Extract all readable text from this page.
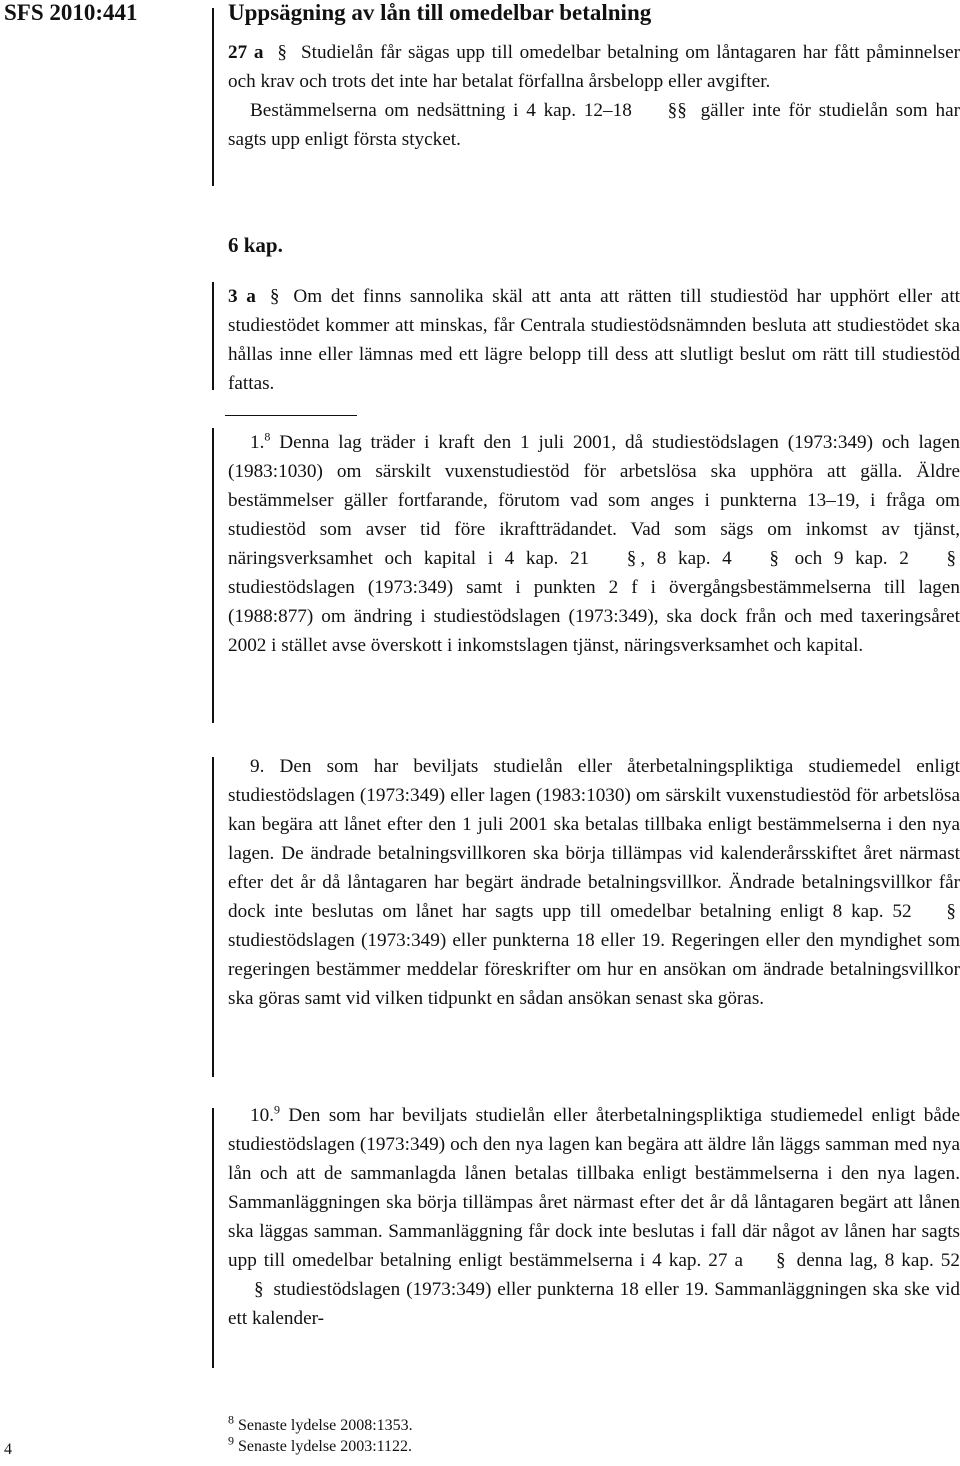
SFS 2010:441
4
Uppsägning av lån till omedelbar betalning

27 a § Studielån får sägas upp till omedelbar betalning om låntagaren har fått påminnelser och krav och trots det inte har betalat förfallna årsbelopp eller avgifter.

Bestämmelserna om nedsättning i 4 kap. 12–18 §§ gäller inte för studielån som har sagts upp enligt första stycket.

6 kap.

3 a § Om det finns sannolika skäl att anta att rätten till studiestöd har upphört eller att studiestödet kommer att minskas, får Centrala studiestödsnämnden besluta att studiestödet ska hållas inne eller lämnas med ett lägre belopp till dess att slutligt beslut om rätt till studiestöd fattas.

1.$^8$ Denna lag träder i kraft den 1 juli 2001, då studiestödslagen (1973:349) och lagen (1983:1030) om särskilt vuxenstudiestöd för arbetslösa ska upphöra att gälla. Äldre bestämmelser gäller fortfarande, förutom vad som anges i punkterna 13–19, i fråga om studiestöd som avser tid före ikraftträdandet. Vad som sägs om inkomst av tjänst, näringsverksamhet och kapital i 4 kap. 21 § , 8 kap. 4 § och 9 kap. 2 § studiestödslagen (1973:349) samt i punkten 2 f i övergångsbestämmelserna till lagen (1988:877) om ändring i studiestödslagen (1973:349), ska dock från och med taxeringsåret 2002 i stället avse överskott i inkomstslagen tjänst, näringsverksamhet och kapital.

9. Den som har beviljats studielån eller återbetalningspliktiga studiemedel enligt studiestödslagen (1973:349) eller lagen (1983:1030) om särskilt vuxenstudiestöd för arbetslösa kan begära att lånet efter den 1 juli 2001 ska betalas tillbaka enligt bestämmelserna i den nya lagen. De ändrade betalningsvillkoren ska börja tillämpas vid kalenderårsskiftet året närmast efter det år då låntagaren har begärt ändrade betalningsvillkor. Ändrade betalningsvillkor får dock inte beslutas om lånet har sagts upp till omedelbar betalning enligt 8 kap. 52 § studiestödslagen (1973:349) eller punkterna 18 eller 19. Regeringen eller den myndighet som regeringen bestämmer meddelar föreskrifter om hur en ansökan om ändrade betalningsvillkor ska göras samt vid vilken tidpunkt en sådan ansökan senast ska göras.

10.$^9$ Den som har beviljats studielån eller återbetalningspliktiga studiemedel enligt både studiestödslagen (1973:349) och den nya lagen kan begära att äldre lån läggs samman med nya lån och att de sammanlagda lånen betalas tillbaka enligt bestämmelserna i den nya lagen. Sammanläggningen ska börja tillämpas året närmast efter det år då låntagaren begärt att lånen ska läggas samman. Sammanläggning får dock inte beslutas i fall där något av lånen har sagts upp till omedelbar betalning enligt bestämmelserna i 4 kap. 27 a § denna lag, 8 kap. 52 § studiestödslagen (1973:349) eller punkterna 18 eller 19. Sammanläggningen ska ske vid ett kalender-

$^8$ Senaste lydelse 2008:1353.
$^9$ Senaste lydelse 2003:1122.
